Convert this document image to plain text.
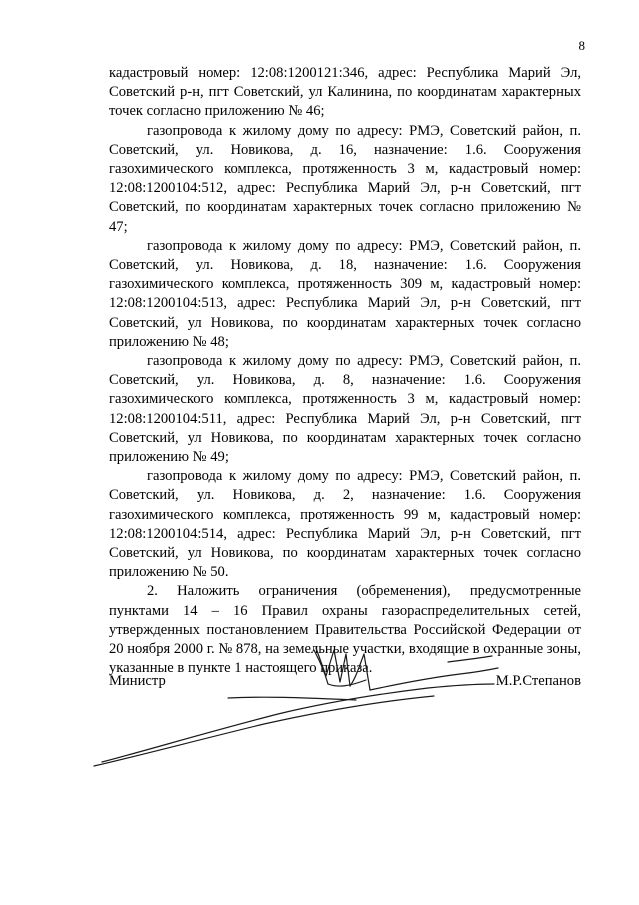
8

кадастровый номер: 12:08:1200121:346, адрес: Республика Марий Эл, Советский р-н, пгт Советский, ул Калинина, по координатам характерных точек согласно приложению № 46;

газопровода к жилому дому по адресу: РМЭ, Советский район, п. Советский, ул. Новикова, д. 16, назначение: 1.6. Сооружения газохимического комплекса, протяженность 3 м, кадастровый номер: 12:08:1200104:512, адрес: Республика Марий Эл, р-н Советский, пгт Советский, по координатам характерных точек согласно приложению № 47;

газопровода к жилому дому по адресу: РМЭ, Советский район, п. Советский, ул. Новикова, д. 18, назначение: 1.6. Сооружения газохимического комплекса, протяженность 309 м, кадастровый номер: 12:08:1200104:513, адрес: Республика Марий Эл, р-н Советский, пгт Советский, ул Новикова, по координатам характерных точек согласно приложению № 48;

газопровода к жилому дому по адресу: РМЭ, Советский район, п. Советский, ул. Новикова, д. 8, назначение: 1.6. Сооружения газохимического комплекса, протяженность 3 м, кадастровый номер: 12:08:1200104:511, адрес: Республика Марий Эл, р-н Советский, пгт Советский, ул Новикова, по координатам характерных точек согласно приложению № 49;

газопровода к жилому дому по адресу: РМЭ, Советский район, п. Советский, ул. Новикова, д. 2, назначение: 1.6. Сооружения газохимического комплекса, протяженность 99 м, кадастровый номер: 12:08:1200104:514, адрес: Республика Марий Эл, р-н Советский, пгт Советский, ул Новикова, по координатам характерных точек согласно приложению № 50.

2. Наложить ограничения (обременения), предусмотренные пунктами 14 – 16 Правил охраны газораспределительных сетей, утвержденных постановлением Правительства Российской Федерации от 20 ноября 2000 г. № 878, на земельные участки, входящие в охранные зоны, указанные в пункте 1 настоящего приказа.

Министр	М.Р.Степанов
